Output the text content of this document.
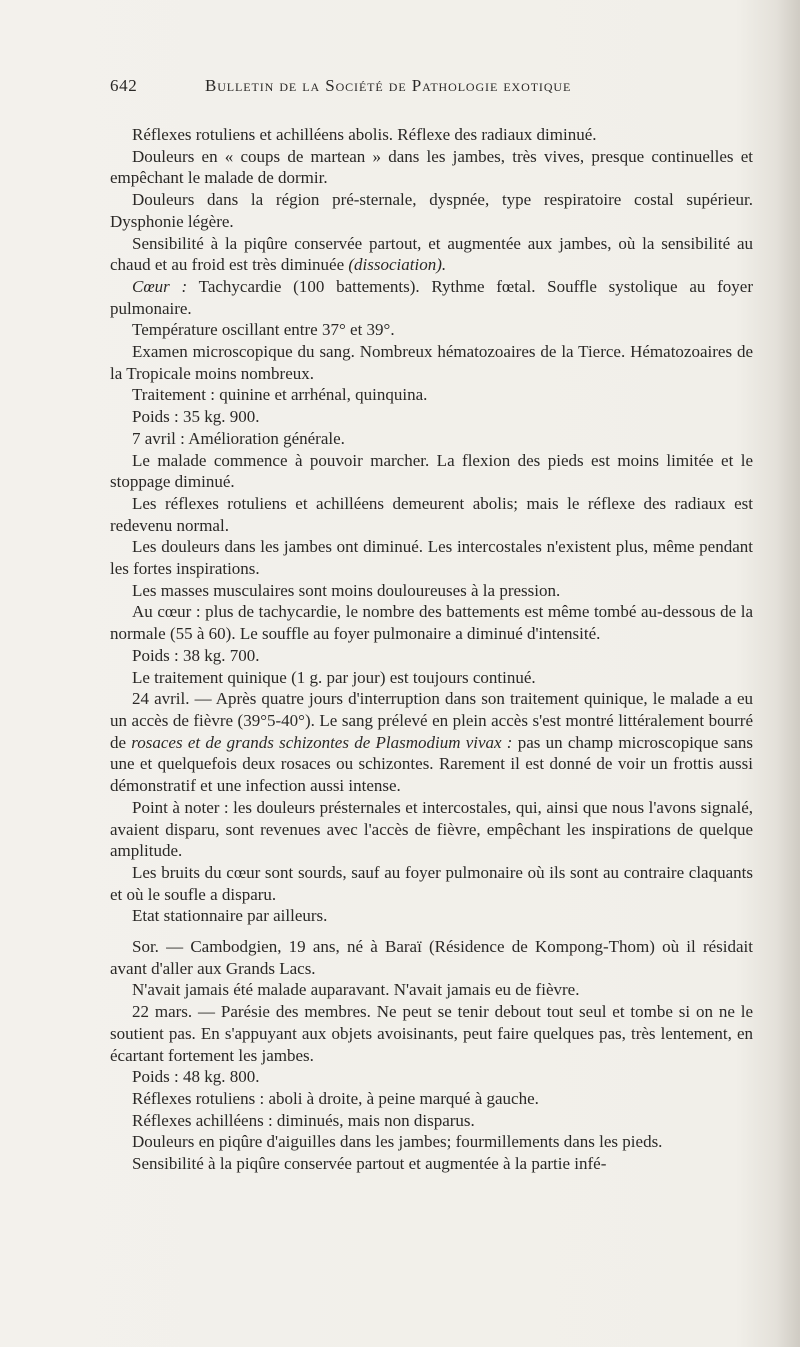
642	Bulletin de la Société de Pathologie exotique

Réflexes rotuliens et achilléens abolis. Réflexe des radiaux diminué.

Douleurs en « coups de martean » dans les jambes, très vives, presque continuelles et empêchant le malade de dormir.

Douleurs dans la région pré-sternale, dyspnée, type respiratoire costal supérieur. Dysphonie légère.

Sensibilité à la piqûre conservée partout, et augmentée aux jambes, où la sensibilité au chaud et au froid est très diminuée (dissociation).

Cœur : Tachycardie (100 battements). Rythme fœtal. Souffle systolique au foyer pulmonaire.

Température oscillant entre 37° et 39°.

Examen microscopique du sang. Nombreux hématozoaires de la Tierce. Hématozoaires de la Tropicale moins nombreux.

Traitement : quinine et arrhénal, quinquina.

Poids : 35 kg. 900.

7 avril : Amélioration générale.

Le malade commence à pouvoir marcher. La flexion des pieds est moins limitée et le stoppage diminué.

Les réflexes rotuliens et achilléens demeurent abolis; mais le réflexe des radiaux est redevenu normal.

Les douleurs dans les jambes ont diminué. Les intercostales n'existent plus, même pendant les fortes inspirations.

Les masses musculaires sont moins douloureuses à la pression.

Au cœur : plus de tachycardie, le nombre des battements est même tombé au-dessous de la normale (55 à 60). Le souffle au foyer pulmonaire a diminué d'intensité.

Poids : 38 kg. 700.

Le traitement quinique (1 g. par jour) est toujours continué.

24 avril. — Après quatre jours d'interruption dans son traitement quinique, le malade a eu un accès de fièvre (39°5-40°). Le sang prélevé en plein accès s'est montré littéralement bourré de rosaces et de grands schizontes de Plasmodium vivax : pas un champ microscopique sans une et quelquefois deux rosaces ou schizontes. Rarement il est donné de voir un frottis aussi démonstratif et une infection aussi intense.

Point à noter : les douleurs présternales et intercostales, qui, ainsi que nous l'avons signalé, avaient disparu, sont revenues avec l'accès de fièvre, empêchant les inspirations de quelque amplitude.

Les bruits du cœur sont sourds, sauf au foyer pulmonaire où ils sont au contraire claquants et où le soufle a disparu.

Etat stationnaire par ailleurs.

Sor. — Cambodgien, 19 ans, né à Baraï (Résidence de Kompong-Thom) où il résidait avant d'aller aux Grands Lacs.

N'avait jamais été malade auparavant. N'avait jamais eu de fièvre.

22 mars. — Parésie des membres. Ne peut se tenir debout tout seul et tombe si on ne le soutient pas. En s'appuyant aux objets avoisinants, peut faire quelques pas, très lentement, en écartant fortement les jambes.

Poids : 48 kg. 800.

Réflexes rotuliens : aboli à droite, à peine marqué à gauche.

Réflexes achilléens : diminués, mais non disparus.

Douleurs en piqûre d'aiguilles dans les jambes; fourmillements dans les pieds.

Sensibilité à la piqûre conservée partout et augmentée à la partie infé-
